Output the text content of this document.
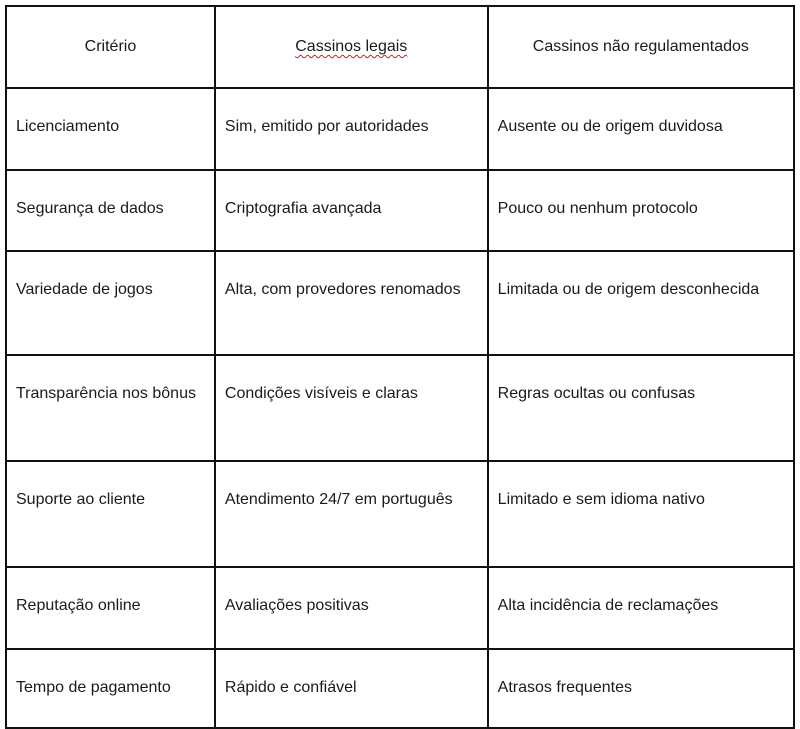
Critério	Cassinos legais	Cassinos não regulamentados
Licenciamento	Sim, emitido por autoridades	Ausente ou de origem duvidosa
Segurança de dados	Criptografia avançada	Pouco ou nenhum protocolo
Variedade de jogos	Alta, com provedores renomados	Limitada ou de origem desconhecida
Transparência nos bônus	Condições visíveis e claras	Regras ocultas ou confusas
Suporte ao cliente	Atendimento 24/7 em português	Limitado e sem idioma nativo
Reputação online	Avaliações positivas	Alta incidência de reclamações
Tempo de pagamento	Rápido e confiável	Atrasos frequentes
